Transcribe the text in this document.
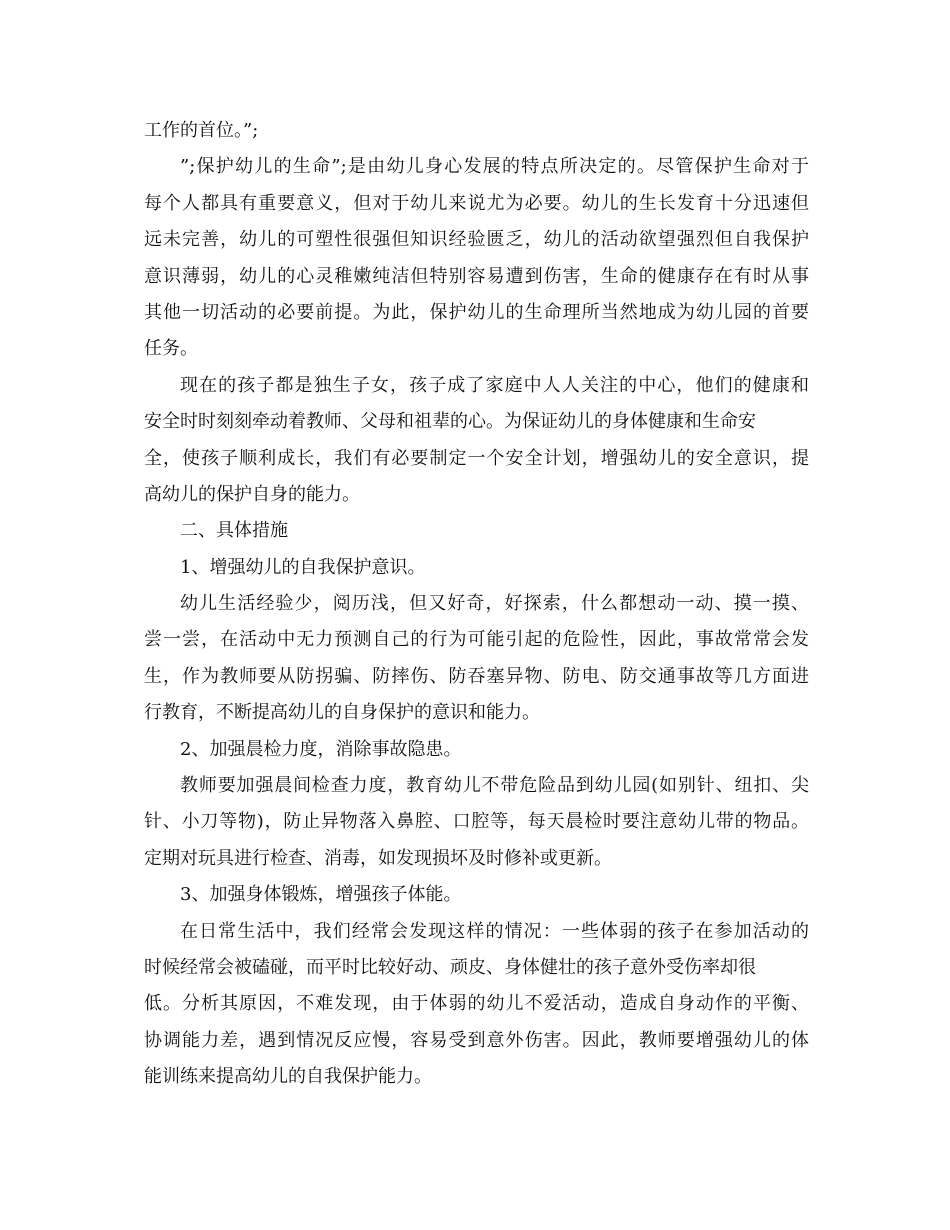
工作的首位。”;
”;保护幼儿的生命”;是由幼儿身心发展的特点所决定的。尽管保护生命对于
每个人都具有重要意义，但对于幼儿来说尤为必要。幼儿的生长发育十分迅速但
远未完善，幼儿的可塑性很强但知识经验匮乏，幼儿的活动欲望强烈但自我保护
意识薄弱，幼儿的心灵稚嫩纯洁但特别容易遭到伤害，生命的健康存在有时从事
其他一切活动的必要前提。为此，保护幼儿的生命理所当然地成为幼儿园的首要
任务。
现在的孩子都是独生子女，孩子成了家庭中人人关注的中心，他们的健康和
安全时时刻刻牵动着教师、父母和祖辈的心。为保证幼儿的身体健康和生命安
全，使孩子顺利成长，我们有必要制定一个安全计划，增强幼儿的安全意识，提
高幼儿的保护自身的能力。
二、具体措施
1、增强幼儿的自我保护意识。
幼儿生活经验少，阅历浅，但又好奇，好探索，什么都想动一动、摸一摸、
尝一尝，在活动中无力预测自己的行为可能引起的危险性，因此，事故常常会发
生，作为教师要从防拐骗、防摔伤、防吞塞异物、防电、防交通事故等几方面进
行教育，不断提高幼儿的自身保护的意识和能力。
2、加强晨检力度，消除事故隐患。
教师要加强晨间检查力度，教育幼儿不带危险品到幼儿园(如别针、纽扣、尖
针、小刀等物)，防止异物落入鼻腔、口腔等，每天晨检时要注意幼儿带的物品。
定期对玩具进行检查、消毒，如发现损坏及时修补或更新。
3、加强身体锻炼，增强孩子体能。
在日常生活中，我们经常会发现这样的情况：一些体弱的孩子在参加活动的
时候经常会被磕碰，而平时比较好动、顽皮、身体健壮的孩子意外受伤率却很
低。分析其原因，不难发现，由于体弱的幼儿不爱活动，造成自身动作的平衡、
协调能力差，遇到情况反应慢，容易受到意外伤害。因此，教师要增强幼儿的体
能训练来提高幼儿的自我保护能力。
